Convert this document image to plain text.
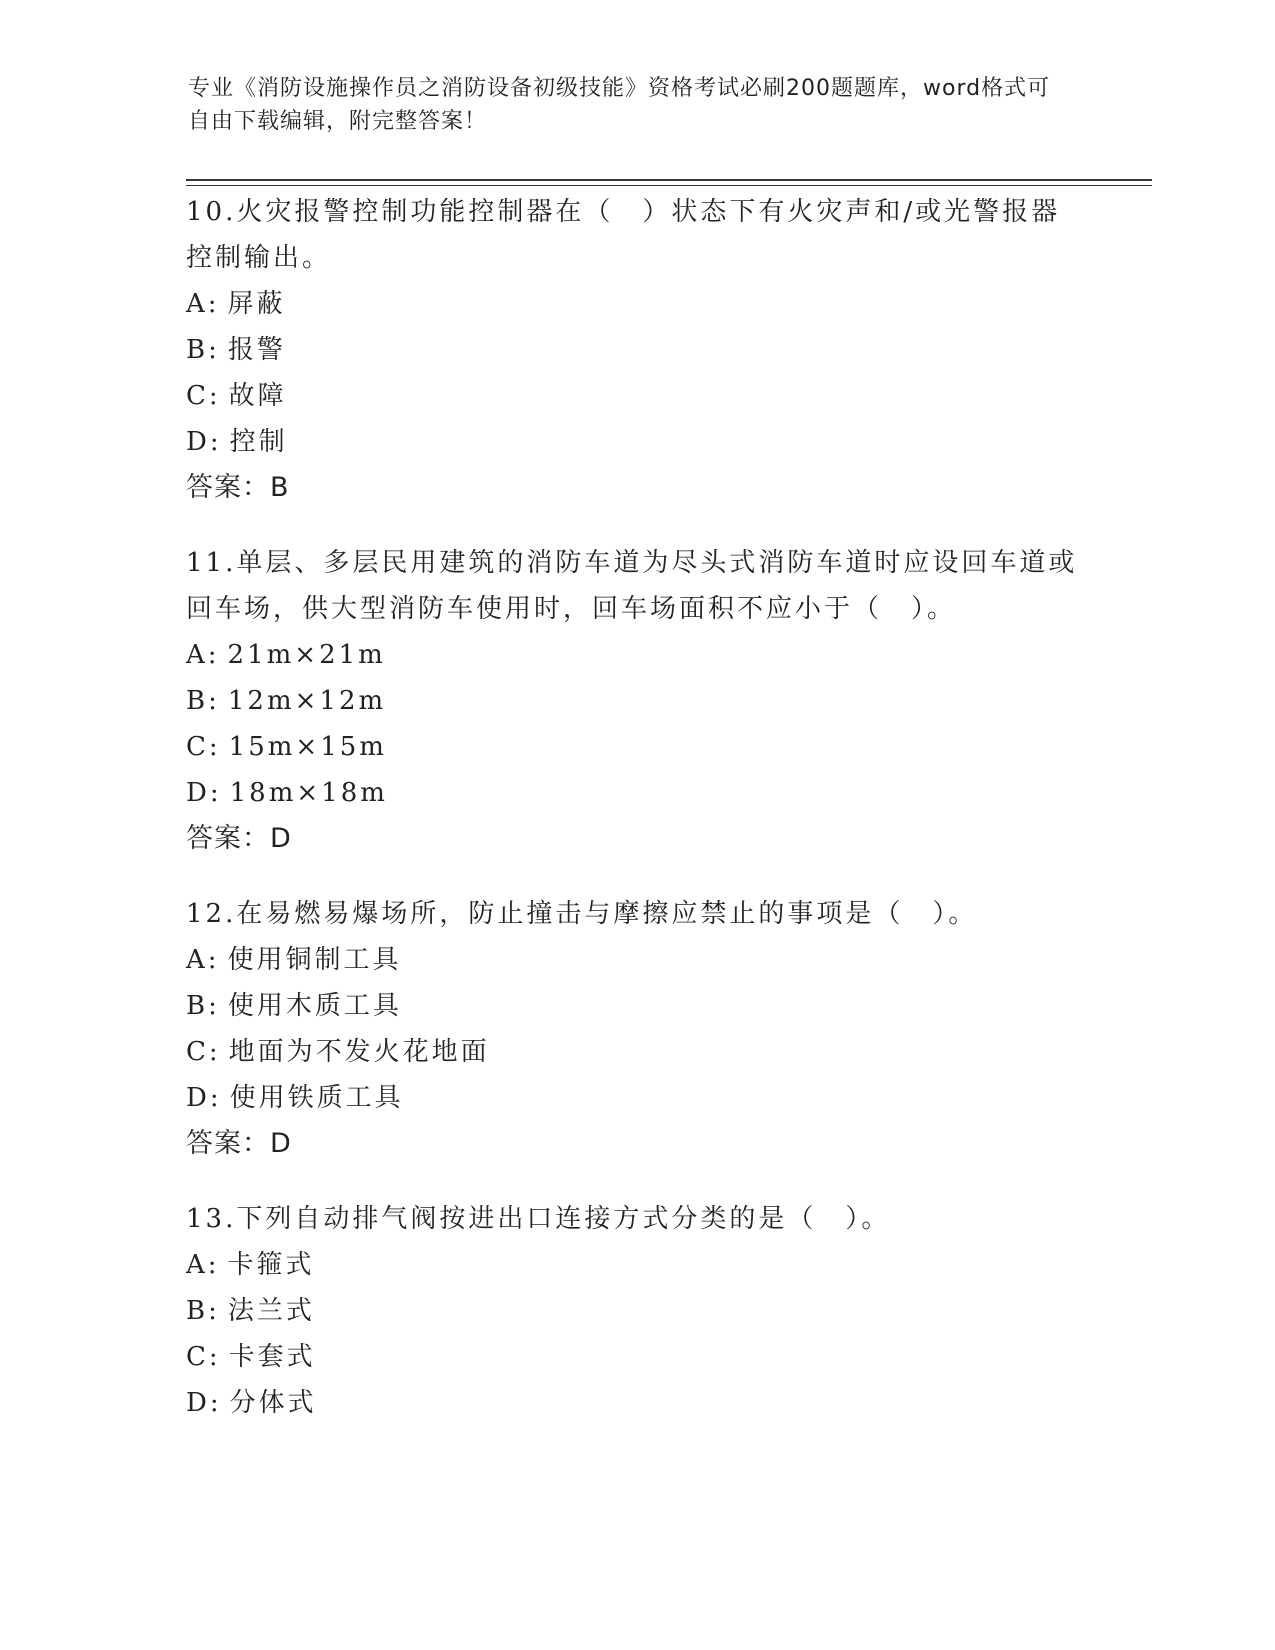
专业《消防设施操作员之消防设备初级技能》资格考试必刷200题题库，word格式可自由下载编辑，附完整答案！

10.火灾报警控制功能控制器在（　）状态下有火灾声和/或光警报器控制输出。

A: 屏蔽

B: 报警

C: 故障

D: 控制

答案：B

11.单层、多层民用建筑的消防车道为尽头式消防车道时应设回车道或回车场，供大型消防车使用时，回车场面积不应小于（　）。

A: 21m×21m

B: 12m×12m

C: 15m×15m

D: 18m×18m

答案：D

12.在易燃易爆场所，防止撞击与摩擦应禁止的事项是（　）。

A: 使用铜制工具

B: 使用木质工具

C: 地面为不发火花地面

D: 使用铁质工具

答案：D

13.下列自动排气阀按进出口连接方式分类的是（　）。

A: 卡箍式

B: 法兰式

C: 卡套式

D: 分体式
